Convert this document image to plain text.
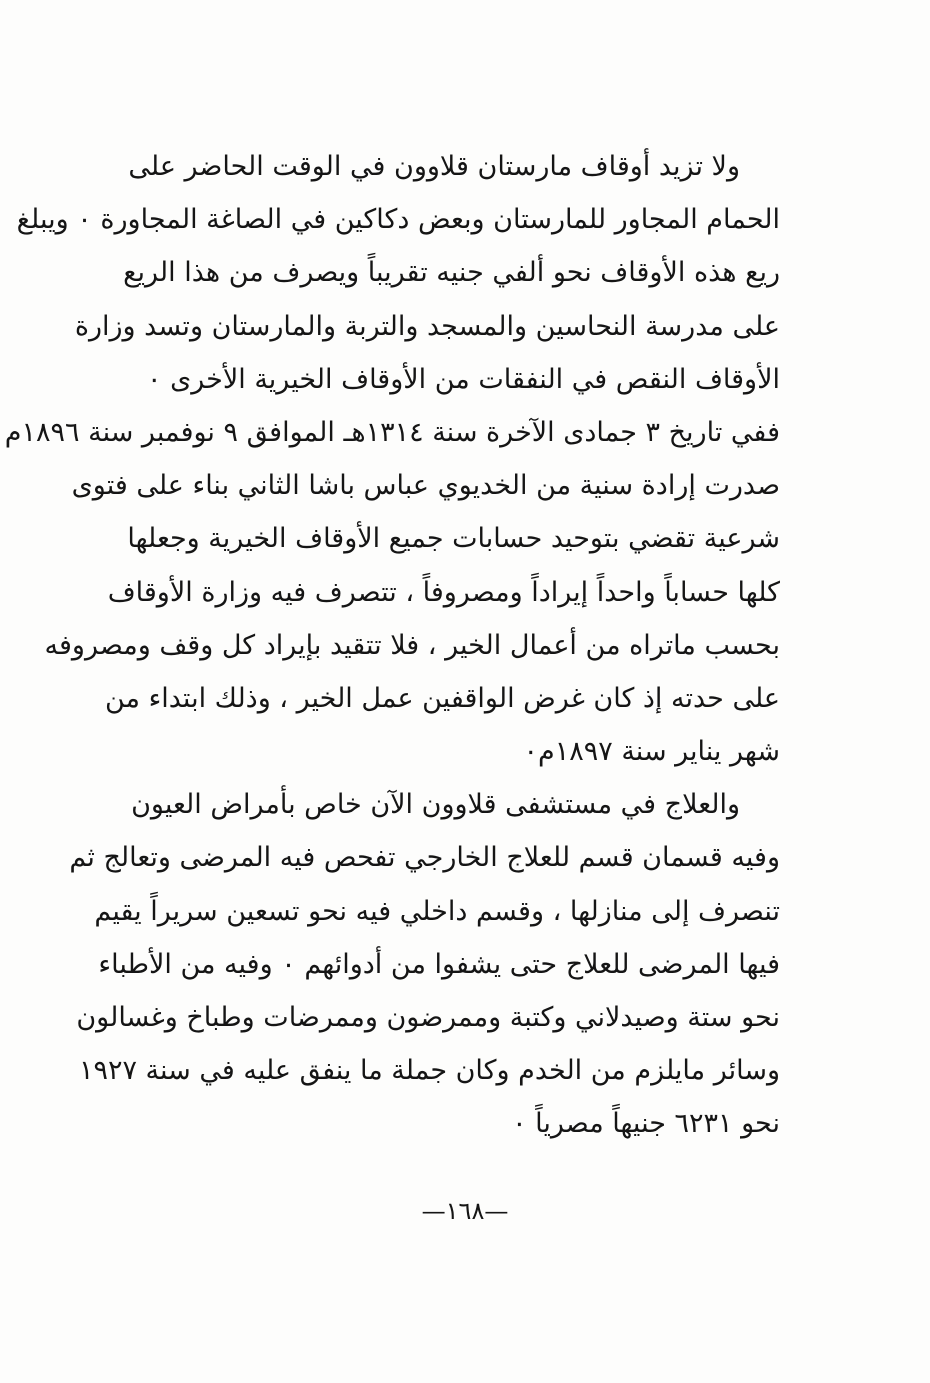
ولا تزيد أوقاف مارستان قلاوون في الوقت الحاضر على
الحمام المجاور للمارستان وبعض دكاكين في الصاغة المجاورة ٠ ويبلغ
ريع هذه الأوقاف نحو ألفي جنيه تقريباً ويصرف من هذا الريع
على مدرسة النحاسين والمسجد والتربة والمارستان وتسد وزارة
الأوقاف النقص في النفقات من الأوقاف الخيرية الأخرى ٠
ففي تاريخ ٣ جمادى الآخرة سنة ١٣١٤هـ الموافق ٩ نوفمبر سنة ١٨٩٦م
صدرت إرادة سنية من الخديوي عباس باشا الثاني بناء على فتوى
شرعية تقضي بتوحيد حسابات جميع الأوقاف الخيرية وجعلها
كلها حساباً واحداً إيراداً ومصروفاً ، تتصرف فيه وزارة الأوقاف
بحسب ماتراه من أعمال الخير ، فلا تتقيد بإيراد كل وقف ومصروفه
على حدته إذ كان غرض الواقفين عمل الخير ، وذلك ابتداء من
شهر يناير سنة ١٨٩٧م٠
والعلاج في مستشفى قلاوون الآن خاص بأمراض العيون
وفيه قسمان قسم للعلاج الخارجي تفحص فيه المرضى وتعالج ثم
تنصرف إلى منازلها ، وقسم داخلي فيه نحو تسعين سريراً يقيم
فيها المرضى للعلاج حتى يشفوا من أدوائهم ٠ وفيه من الأطباء
نحو ستة وصيدلاني وكتبة وممرضون وممرضات وطباخ وغسالون
وسائر مايلزم من الخدم وكان جملة ما ينفق عليه في سنة ١٩٢٧
نحو ٦٢٣١ جنيهاً مصرياً ٠
—١٦٨—
